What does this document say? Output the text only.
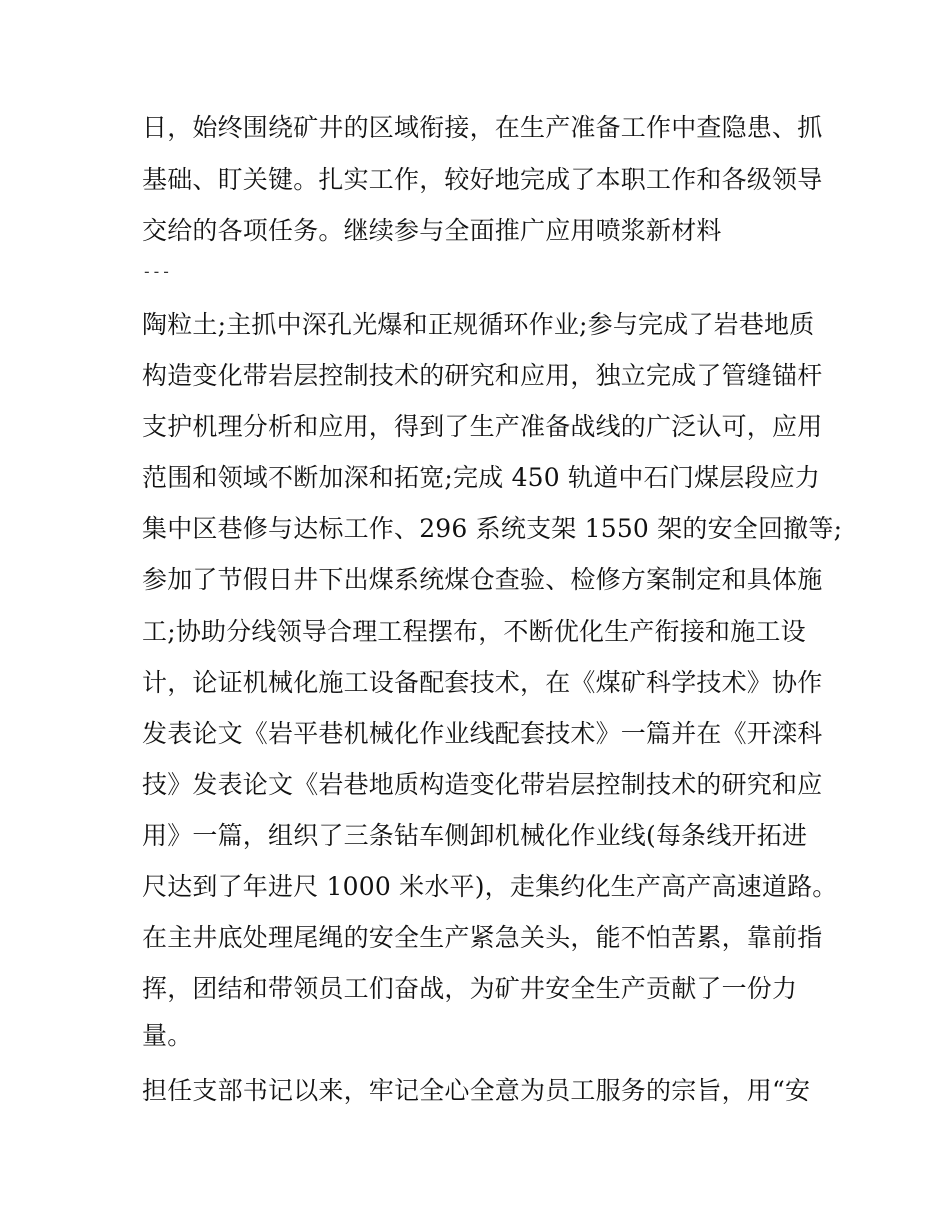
日，始终围绕矿井的区域衔接，在生产准备工作中查隐患、抓
基础、盯关键。扎实工作，较好地完成了本职工作和各级领导
交给的各项任务。继续参与全面推广应用喷浆新材料
---
陶粒土;主抓中深孔光爆和正规循环作业;参与完成了岩巷地质
构造变化带岩层控制技术的研究和应用，独立完成了管缝锚杆
支护机理分析和应用，得到了生产准备战线的广泛认可，应用
范围和领域不断加深和拓宽;完成 450 轨道中石门煤层段应力
集中区巷修与达标工作、296 系统支架 1550 架的安全回撤等;
参加了节假日井下出煤系统煤仓查验、检修方案制定和具体施
工;协助分线领导合理工程摆布，不断优化生产衔接和施工设
计，论证机械化施工设备配套技术，在《煤矿科学技术》协作
发表论文《岩平巷机械化作业线配套技术》一篇并在《开滦科
技》发表论文《岩巷地质构造变化带岩层控制技术的研究和应
用》一篇，组织了三条钻车侧卸机械化作业线(每条线开拓进
尺达到了年进尺 1000 米水平)，走集约化生产高产高速道路。
在主井底处理尾绳的安全生产紧急关头，能不怕苦累，靠前指
挥，团结和带领员工们奋战，为矿井安全生产贡献了一份力
量。
担任支部书记以来，牢记全心全意为员工服务的宗旨，用“安
